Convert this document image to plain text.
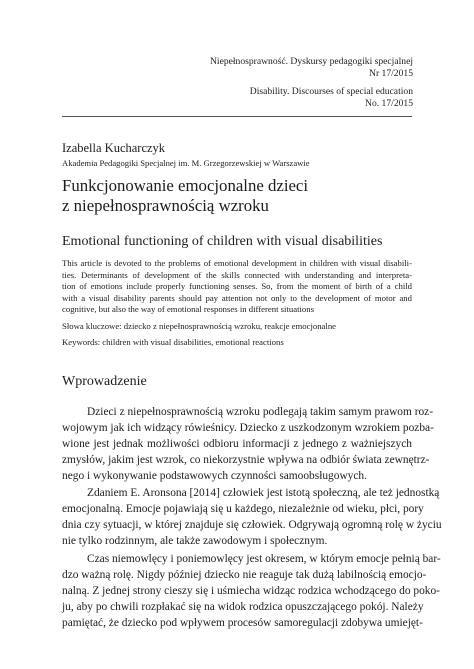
Niepełnosprawność. Dyskursy pedagogiki specjalnej
Nr 17/2015
Disability. Discourses of special education
No. 17/2015
Izabella Kucharczyk
Akademia Pedagogiki Specjalnej im. M. Grzegorzewskiej w Warszawie
Funkcjonowanie emocjonalne dzieci
z niepełnosprawnością wzroku
Emotional functioning of children with visual disabilities
This article is devoted to the problems of emotional development in children with visual disabili-
ties. Determinants of development of the skills connected with understanding and interpreta-
tion of emotions include properly functioning senses. So, from the moment of birth of a child
with a visual disability parents should pay attention not only to the development of motor and
cognitive, but also the way of emotional responses in different situations
Słowa kluczowe: dziecko z niepełnosprawnością wzroku, reakcje emocjonalne
Keywords: children with visual disabilities, emotional reactions
Wprowadzenie
Dzieci z niepełnosprawnością wzroku podlegają takim samym prawom roz-
wojowym jak ich widzący rówieśnicy. Dziecko z uszkodzonym wzrokiem pozba-
wione jest jednak możliwości odbioru informacji z jednego z ważniejszych
zmysłów, jakim jest wzrok, co niekorzystnie wpływa na odbiór świata zewnętrz-
nego i wykonywanie podstawowych czynności samoobsługowych.
Zdaniem E. Aronsona [2014] człowiek jest istotą społeczną, ale też jednostką
emocjonalną. Emocje pojawiają się u każdego, niezależnie od wieku, płci, pory
dnia czy sytuacji, w której znajduje się człowiek. Odgrywają ogromną rolę w życiu
nie tylko rodzinnym, ale także zawodowym i społecznym.
Czas niemowlęcy i poniemowlęcy jest okresem, w którym emocje pełnią bar-
dzo ważną rolę. Nigdy później dziecko nie reaguje tak dużą labilnością emocjo-
nalną. Z jednej strony cieszy się i uśmiecha widząc rodzica wchodzącego do poko-
ju, aby po chwili rozpłakać się na widok rodzica opuszczającego pokój. Należy
pamiętać, że dziecko pod wpływem procesów samoregulacji zdobywa umiejęt-
